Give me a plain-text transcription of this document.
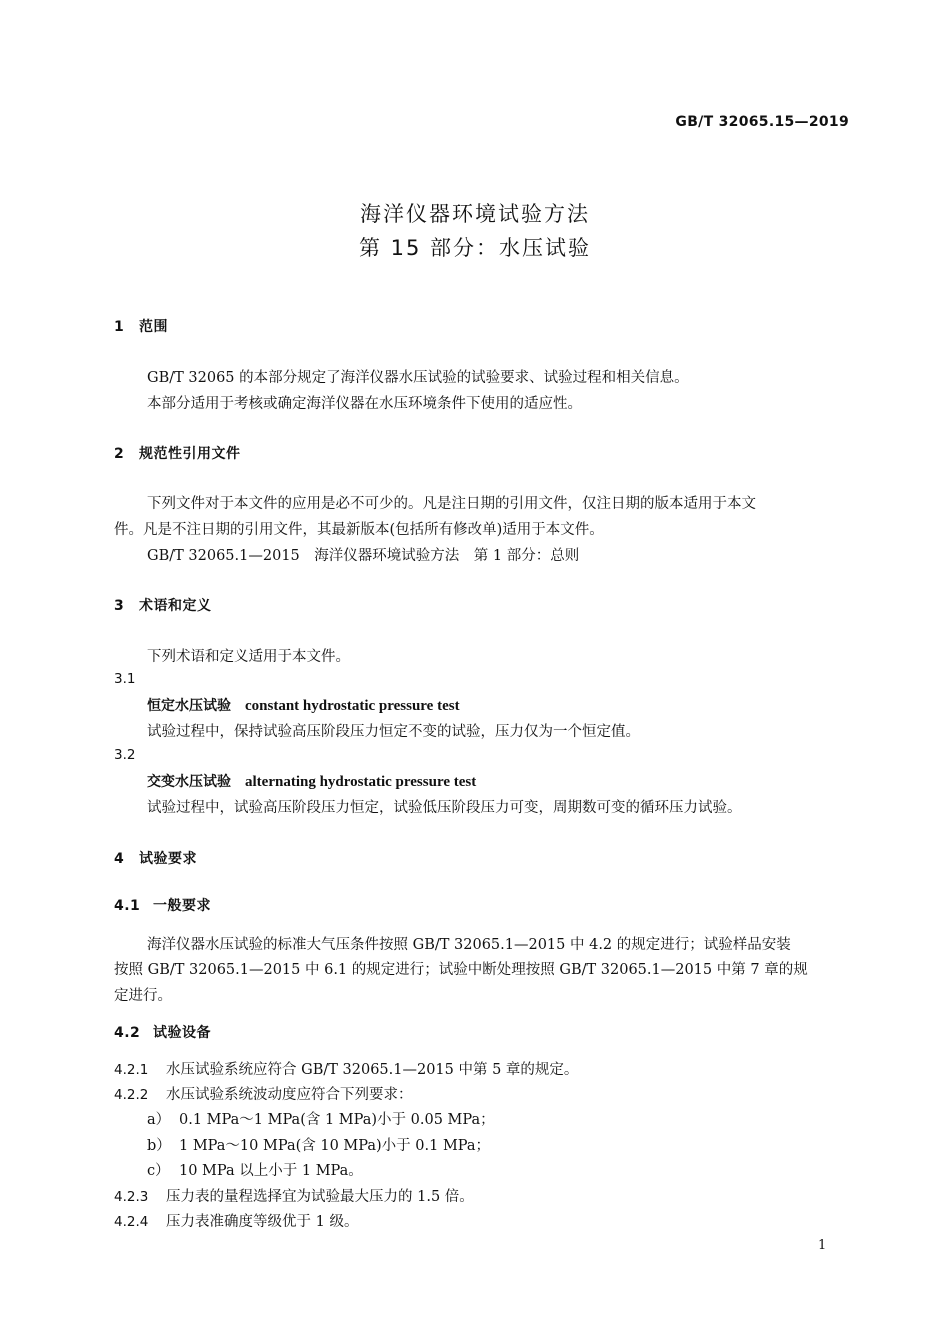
GB/T 32065.15—2019
海洋仪器环境试验方法
第 15 部分：水压试验
1 范围
GB/T 32065 的本部分规定了海洋仪器水压试验的试验要求、试验过程和相关信息。
本部分适用于考核或确定海洋仪器在水压环境条件下使用的适应性。
2 规范性引用文件
下列文件对于本文件的应用是必不可少的。凡是注日期的引用文件，仅注日期的版本适用于本文
件。凡是不注日期的引用文件，其最新版本(包括所有修改单)适用于本文件。
GB/T 32065.1—2015　海洋仪器环境试验方法　第 1 部分：总则
3 术语和定义
下列术语和定义适用于本文件。
3.1
恒定水压试验 constant hydrostatic pressure test
试验过程中，保持试验高压阶段压力恒定不变的试验，压力仅为一个恒定值。
3.2
交变水压试验 alternating hydrostatic pressure test
试验过程中，试验高压阶段压力恒定，试验低压阶段压力可变，周期数可变的循环压力试验。
4 试验要求
4.1 一般要求
海洋仪器水压试验的标准大气压条件按照 GB/T 32065.1—2015 中 4.2 的规定进行；试验样品安装
按照 GB/T 32065.1—2015 中 6.1 的规定进行；试验中断处理按照 GB/T 32065.1—2015 中第 7 章的规
定进行。
4.2 试验设备
4.2.1 水压试验系统应符合 GB/T 32065.1—2015 中第 5 章的规定。
4.2.2 水压试验系统波动度应符合下列要求：
a） 0.1 MPa～1 MPa(含 1 MPa)小于 0.05 MPa；
b） 1 MPa～10 MPa(含 10 MPa)小于 0.1 MPa；
c） 10 MPa 以上小于 1 MPa。
4.2.3 压力表的量程选择宜为试验最大压力的 1.5 倍。
4.2.4 压力表准确度等级优于 1 级。
1
